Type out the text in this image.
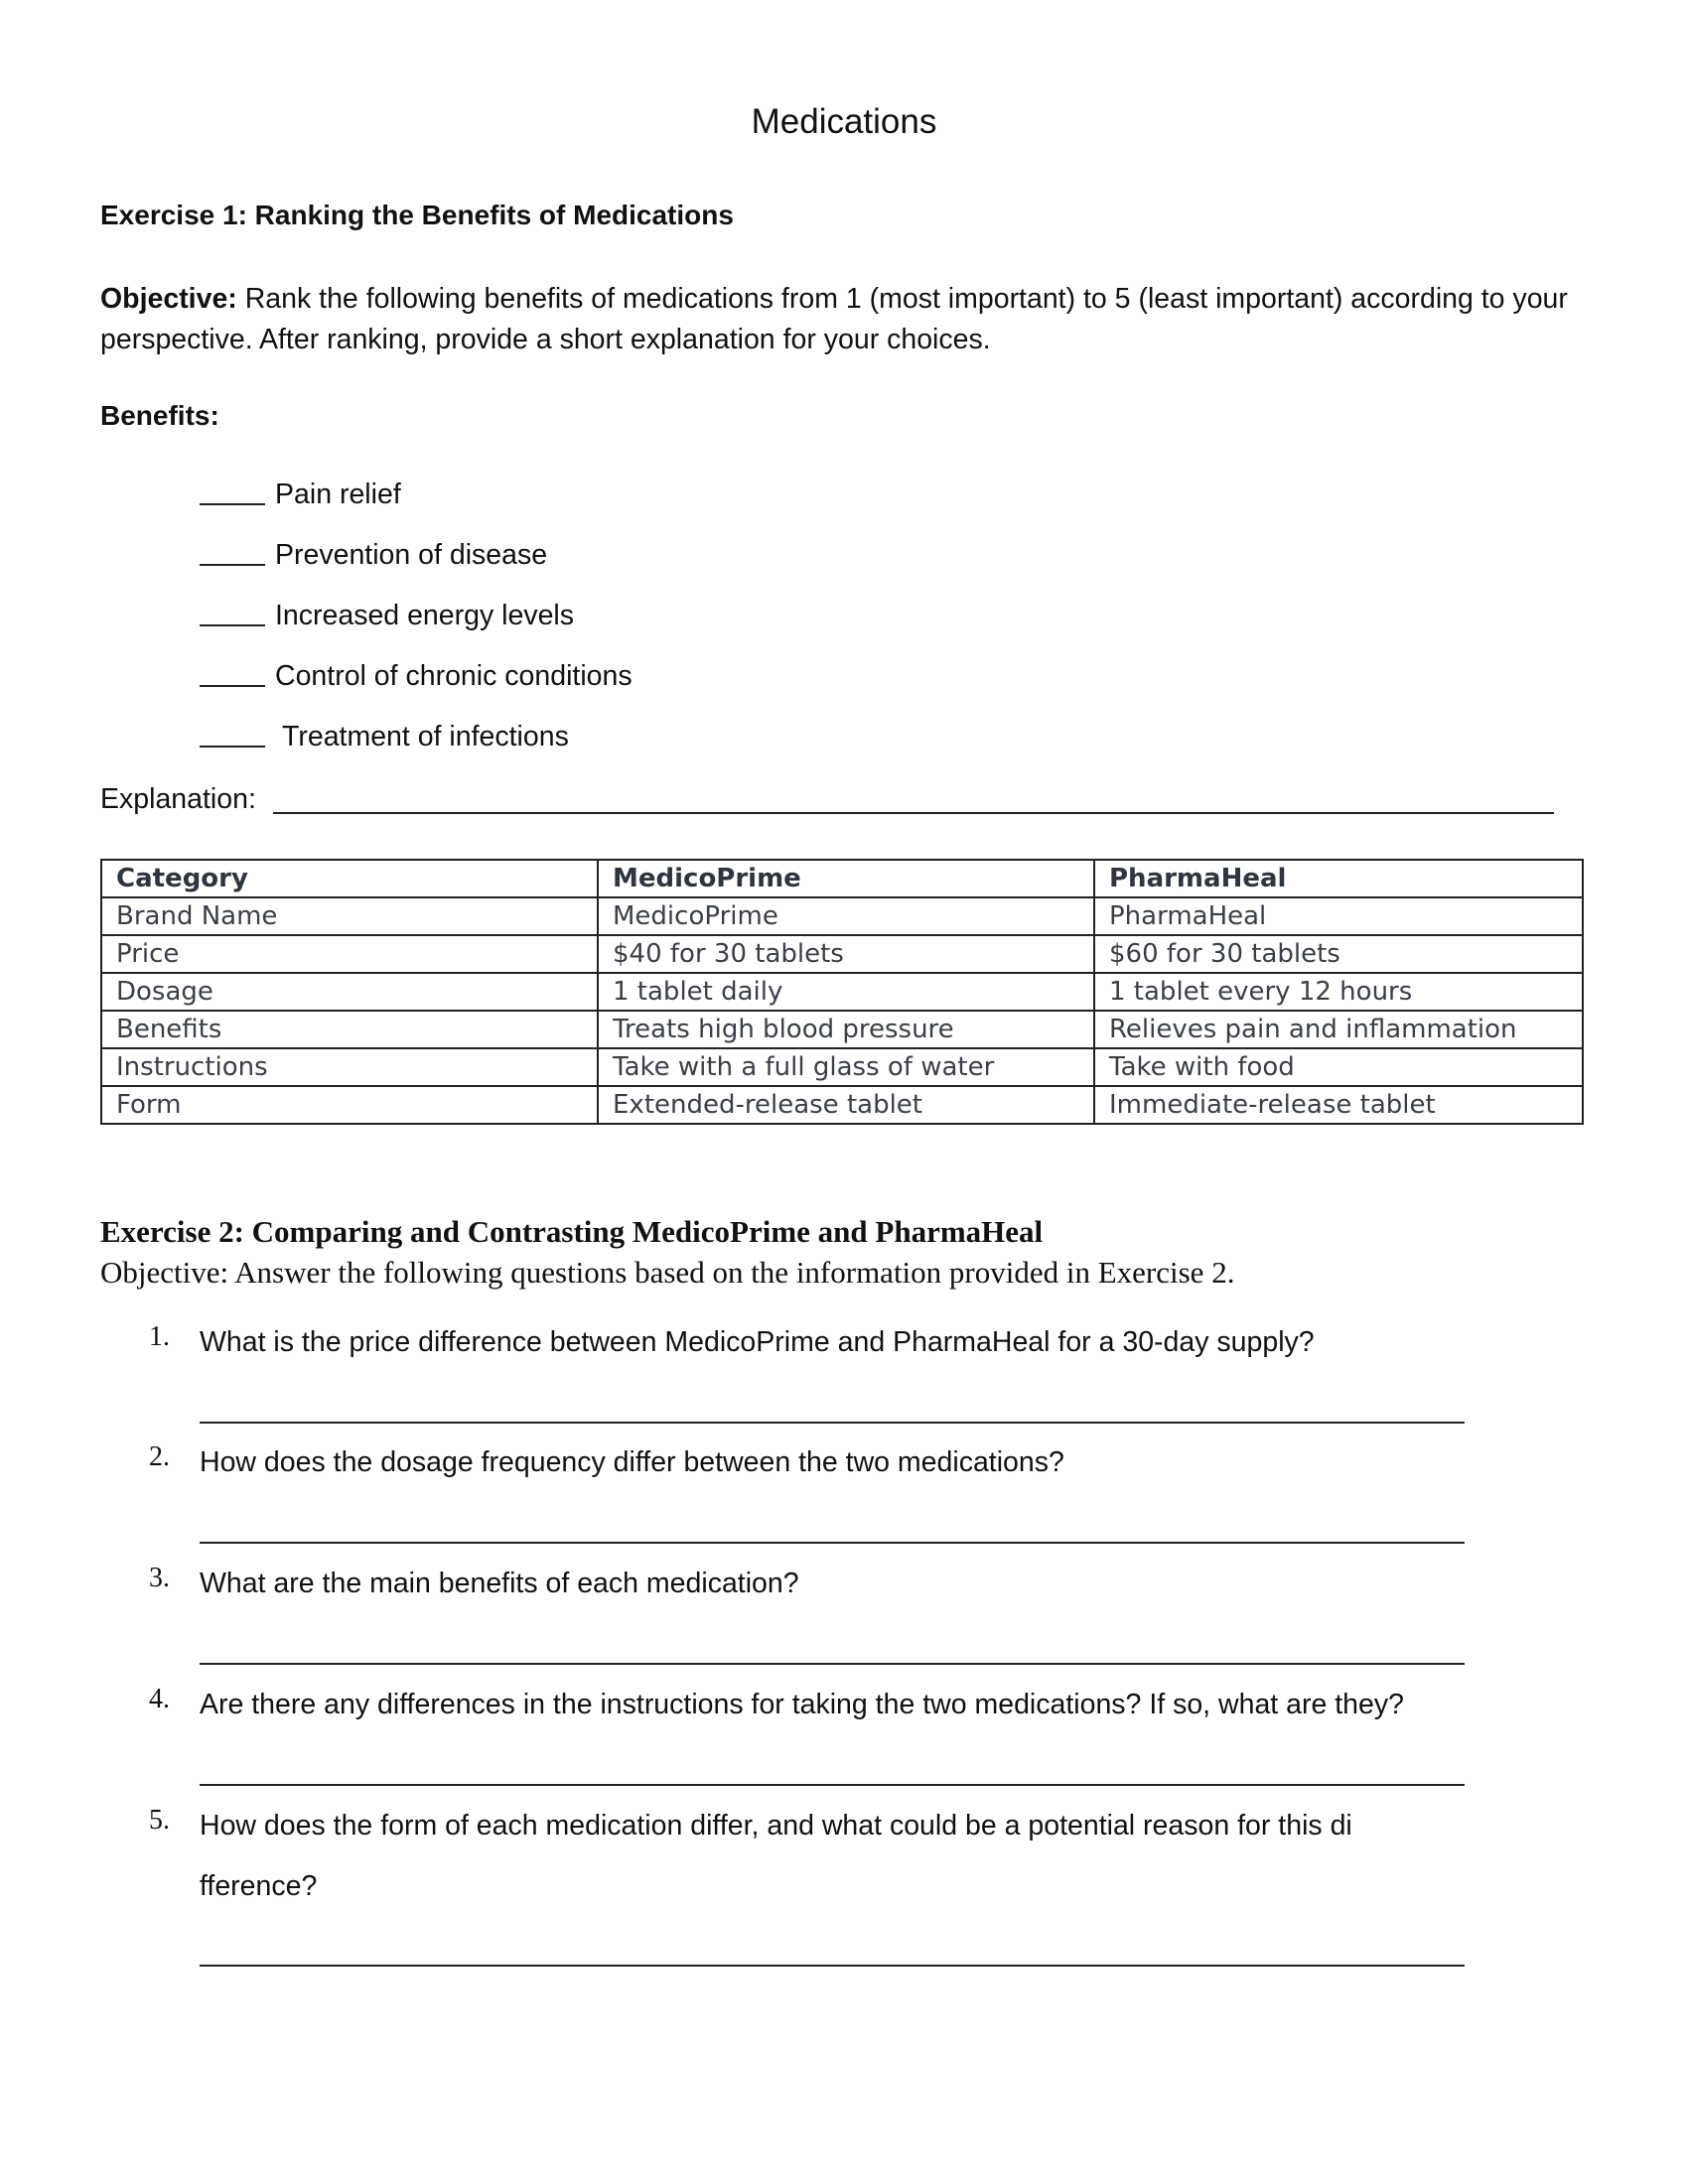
Medications
Exercise 1: Ranking the Benefits of Medications
Objective: Rank the following benefits of medications from 1 (most important) to 5 (least important) according to your perspective. After ranking, provide a short explanation for your choices.
Benefits:
Pain relief
Prevention of disease
Increased energy levels
Control of chronic conditions
Treatment of infections
Explanation:
Category	MedicoPrime	PharmaHeal
Brand Name	MedicoPrime	PharmaHeal
Price	$40 for 30 tablets	$60 for 30 tablets
Dosage	1 tablet daily	1 tablet every 12 hours
Benefits	Treats high blood pressure	Relieves pain and inflammation
Instructions	Take with a full glass of water	Take with food
Form	Extended-release tablet	Immediate-release tablet
Exercise 2: Comparing and Contrasting MedicoPrime and PharmaHeal
Objective: Answer the following questions based on the information provided in Exercise 2.
1. What is the price difference between MedicoPrime and PharmaHeal for a 30-day supply?
2. How does the dosage frequency differ between the two medications?
3. What are the main benefits of each medication?
4. Are there any differences in the instructions for taking the two medications? If so, what are they?
5. How does the form of each medication differ, and what could be a potential reason for this di fference?
